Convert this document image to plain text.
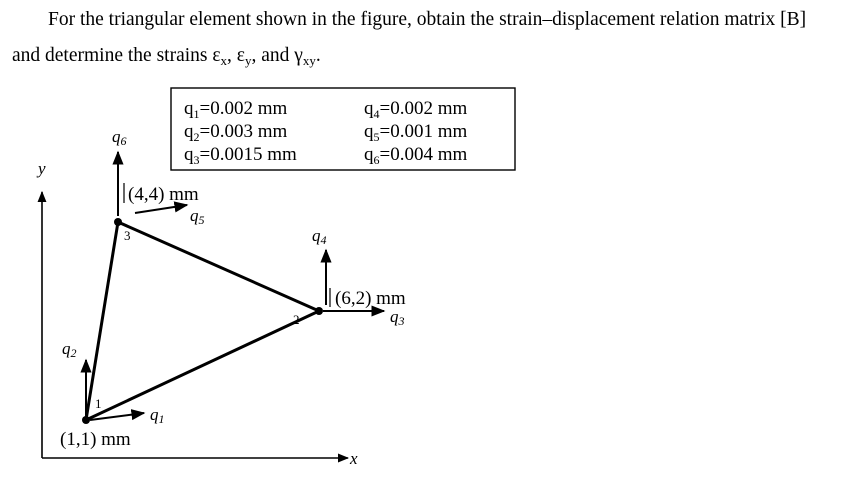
For the triangular element shown in the figure, obtain the strain–displacement relation matrix [B]
and determine the strains $\varepsilon_x$, $\varepsilon_y$, and $\gamma_{xy}$.
y
x
$q_1=0.002$ mm
$q_2=0.003$ mm
$q_3=0.0015$ mm
$q_4=0.002$ mm
$q_5=0.001$ mm
$q_6=0.004$ mm
1
2
3
(1,1) mm
(6,2) mm
(4,4) mm
q1
q2
q3
q4
q5
q6
